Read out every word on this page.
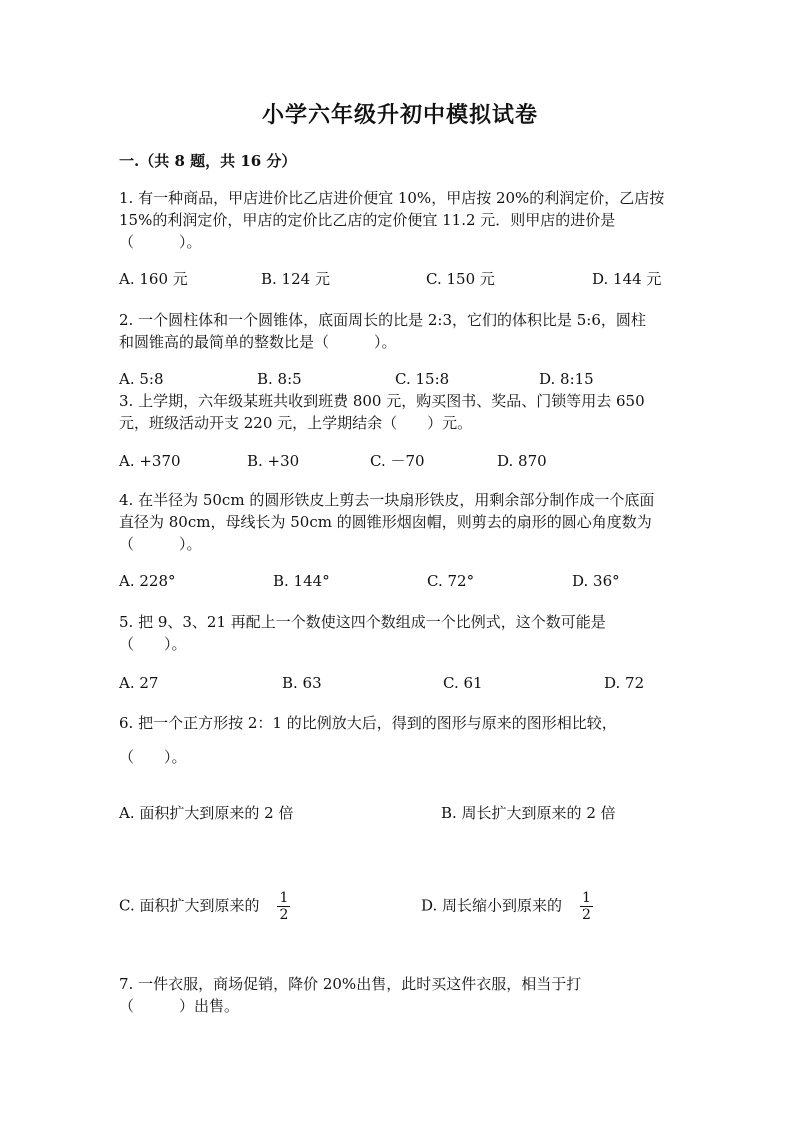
小学六年级升初中模拟试卷
一.（共 8 题，共 16 分）
1. 有一种商品，甲店进价比乙店进价便宜 10%，甲店按 20%的利润定价，乙店按
15%的利润定价，甲店的定价比乙店的定价便宜 11.2 元．则甲店的进价是
（　　　）。
A. 160 元	B. 124 元	C. 150 元	D. 144 元
2. 一个圆柱体和一个圆锥体，底面周长的比是 2:3，它们的体积比是 5:6，圆柱
和圆锥高的最简单的整数比是（　　　）。
A. 5:8	B. 8:5	C. 15:8	D. 8:15
3. 上学期，六年级某班共收到班费 800 元，购买图书、奖品、门锁等用去 650
元，班级活动开支 220 元，上学期结余（　　）元。
A. +370	B. +30	C. －70	D. 870
4. 在半径为 50cm 的圆形铁皮上剪去一块扇形铁皮，用剩余部分制作成一个底面
直径为 80cm，母线长为 50cm 的圆锥形烟囱帽，则剪去的扇形的圆心角度数为
（　　　）。
A. 228°	B. 144°	C. 72°	D. 36°
5. 把 9、3、21 再配上一个数使这四个数组成一个比例式，这个数可能是
（　　）。
A. 27	B. 63	C. 61	D. 72
6. 把一个正方形按 2：1 的比例放大后，得到的图形与原来的图形相比较，
（　　）。
A. 面积扩大到原来的 2 倍	B. 周长扩大到原来的 2 倍
C. 面积扩大到原来的 $\frac{1}{2}$	D. 周长缩小到原来的 $\frac{1}{2}$
7. 一件衣服，商场促销，降价 20%出售，此时买这件衣服，相当于打
（　　　）出售。
